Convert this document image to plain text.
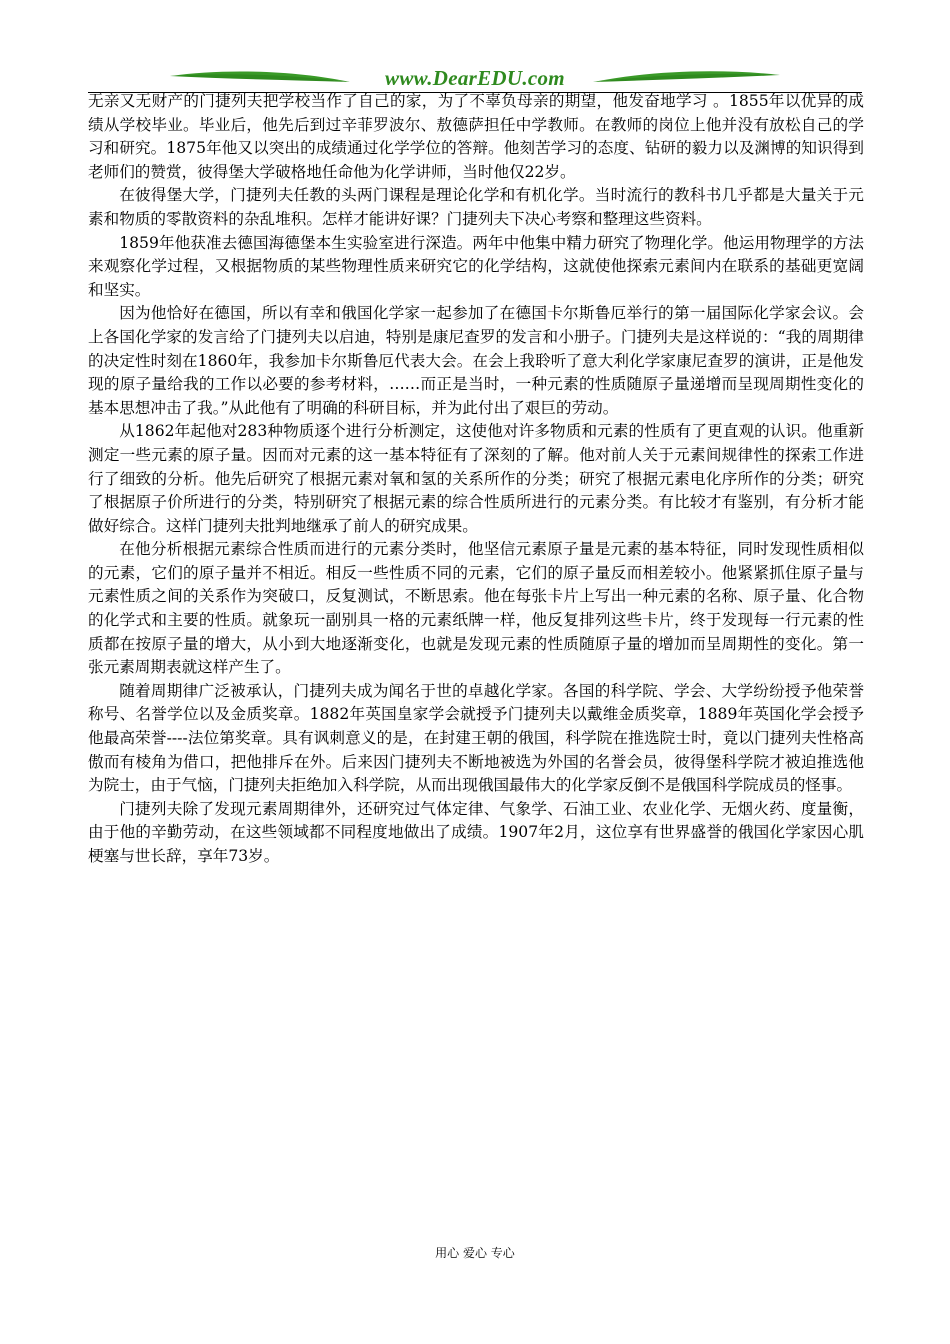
www.DearEDU.com

无亲又无财产的门捷列夫把学校当作了自己的家，为了不辜负母亲的期望，他发奋地学习 。1855年以优异的成绩从学校毕业。毕业后，他先后到过辛菲罗波尔、敖德萨担任中学教师。在教师的岗位上他并没有放松自己的学习和研究。1875年他又以突出的成绩通过化学学位的答辩。他刻苦学习的态度、钻研的毅力以及渊博的知识得到老师们的赞赏，彼得堡大学破格地任命他为化学讲师，当时他仅22岁。

在彼得堡大学，门捷列夫任教的头两门课程是理论化学和有机化学。当时流行的教科书几乎都是大量关于元素和物质的零散资料的杂乱堆积。怎样才能讲好课？门捷列夫下决心考察和整理这些资料。

1859年他获准去德国海德堡本生实验室进行深造。两年中他集中精力研究了物理化学。他运用物理学的方法来观察化学过程，又根据物质的某些物理性质来研究它的化学结构，这就使他探索元素间内在联系的基础更宽阔和坚实。

因为他恰好在德国，所以有幸和俄国化学家一起参加了在德国卡尔斯鲁厄举行的第一届国际化学家会议。会上各国化学家的发言给了门捷列夫以启迪，特别是康尼查罗的发言和小册子。门捷列夫是这样说的：“我的周期律的决定性时刻在1860年，我参加卡尔斯鲁厄代表大会。在会上我聆听了意大利化学家康尼查罗的演讲，正是他发现的原子量给我的工作以必要的参考材料，……而正是当时，一种元素的性质随原子量递增而呈现周期性变化的基本思想冲击了我。”从此他有了明确的科研目标，并为此付出了艰巨的劳动。

从1862年起他对283种物质逐个进行分析测定，这使他对许多物质和元素的性质有了更直观的认识。他重新测定一些元素的原子量。因而对元素的这一基本特征有了深刻的了解。他对前人关于元素间规律性的探索工作进行了细致的分析。他先后研究了根据元素对氧和氢的关系所作的分类；研究了根据元素电化序所作的分类；研究了根据原子价所进行的分类，特别研究了根据元素的综合性质所进行的元素分类。有比较才有鉴别，有分析才能做好综合。这样门捷列夫批判地继承了前人的研究成果。

在他分析根据元素综合性质而进行的元素分类时，他坚信元素原子量是元素的基本特征，同时发现性质相似的元素，它们的原子量并不相近。相反一些性质不同的元素，它们的原子量反而相差较小。他紧紧抓住原子量与元素性质之间的关系作为突破口，反复测试，不断思索。他在每张卡片上写出一种元素的名称、原子量、化合物的化学式和主要的性质。就象玩一副别具一格的元素纸牌一样，他反复排列这些卡片，终于发现每一行元素的性质都在按原子量的增大，从小到大地逐渐变化，也就是发现元素的性质随原子量的增加而呈周期性的变化。第一张元素周期表就这样产生了。

随着周期律广泛被承认，门捷列夫成为闻名于世的卓越化学家。各国的科学院、学会、大学纷纷授予他荣誉称号、名誉学位以及金质奖章。1882年英国皇家学会就授予门捷列夫以戴维金质奖章，1889年英国化学会授予他最高荣誉----法位第奖章。具有讽刺意义的是，在封建王朝的俄国，科学院在推选院士时，竟以门捷列夫性格高傲而有棱角为借口，把他排斥在外。后来因门捷列夫不断地被选为外国的名誉会员，彼得堡科学院才被迫推选他为院士，由于气恼，门捷列夫拒绝加入科学院，从而出现俄国最伟大的化学家反倒不是俄国科学院成员的怪事。

门捷列夫除了发现元素周期律外，还研究过气体定律、气象学、石油工业、农业化学、无烟火药、度量衡，由于他的辛勤劳动，在这些领域都不同程度地做出了成绩。1907年2月，这位享有世界盛誉的俄国化学家因心肌梗塞与世长辞，享年73岁。

用心 爱心 专心
